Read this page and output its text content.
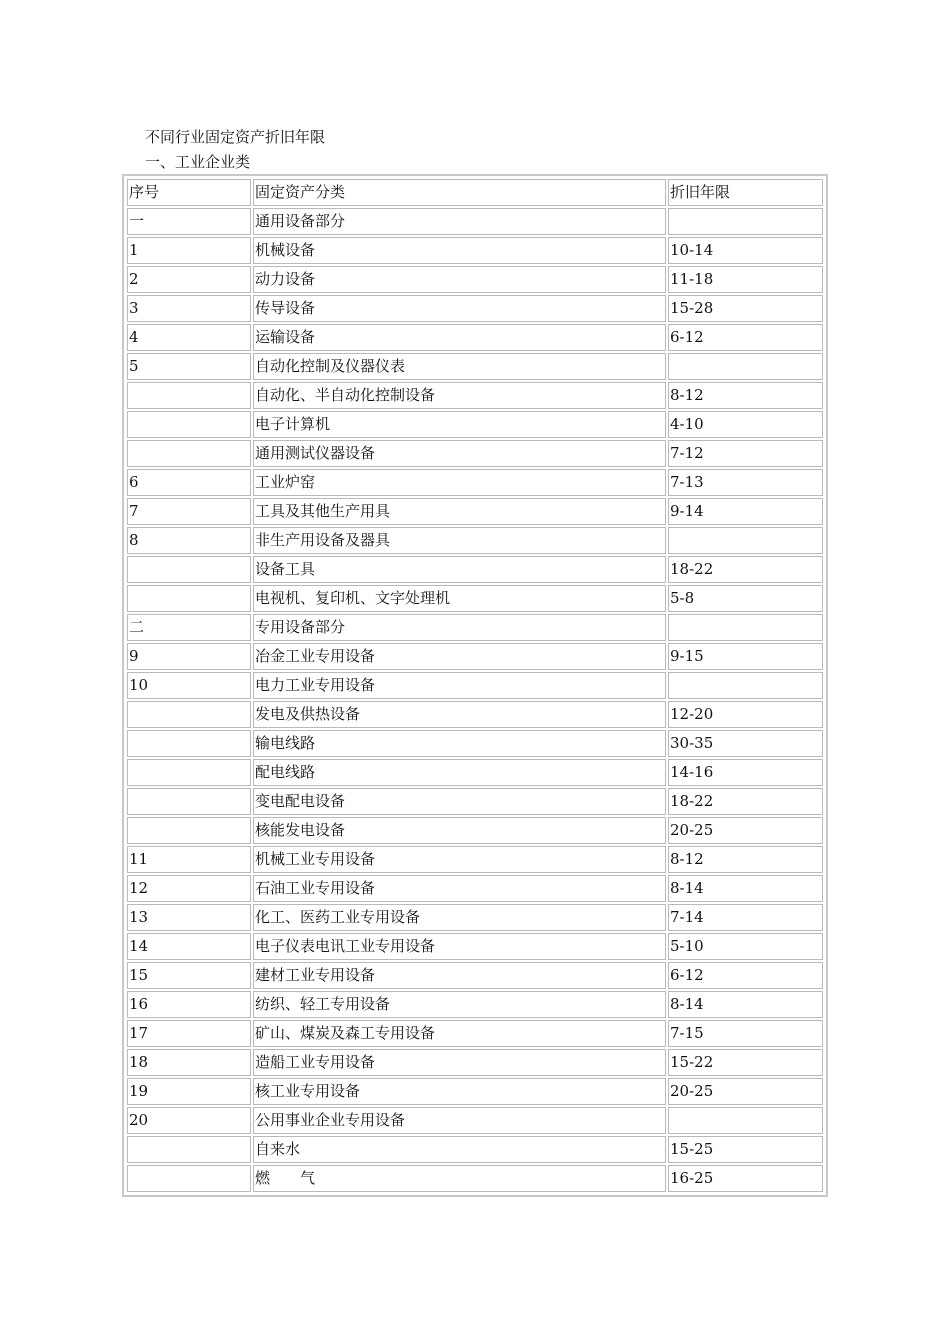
不同行业固定资产折旧年限
一、工业企业类
序号	固定资产分类	折旧年限
一	通用设备部分	
1	机械设备	10-14
2	动力设备	11-18
3	传导设备	15-28
4	运输设备	6-12
5	自动化控制及仪器仪表	
	自动化、半自动化控制设备	8-12
	电子计算机	4-10
	通用测试仪器设备	7-12
6	工业炉窑	7-13
7	工具及其他生产用具	9-14
8	非生产用设备及器具	
	设备工具	18-22
	电视机、复印机、文字处理机	5-8
二	专用设备部分	
9	冶金工业专用设备	9-15
10	电力工业专用设备	
	发电及供热设备	12-20
	输电线路	30-35
	配电线路	14-16
	变电配电设备	18-22
	核能发电设备	20-25
11	机械工业专用设备	8-12
12	石油工业专用设备	8-14
13	化工、医药工业专用设备	7-14
14	电子仪表电讯工业专用设备	5-10
15	建材工业专用设备	6-12
16	纺织、轻工专用设备	8-14
17	矿山、煤炭及森工专用设备	7-15
18	造船工业专用设备	15-22
19	核工业专用设备	20-25
20	公用事业企业专用设备	
	自来水	15-25
	燃　　气	16-25
